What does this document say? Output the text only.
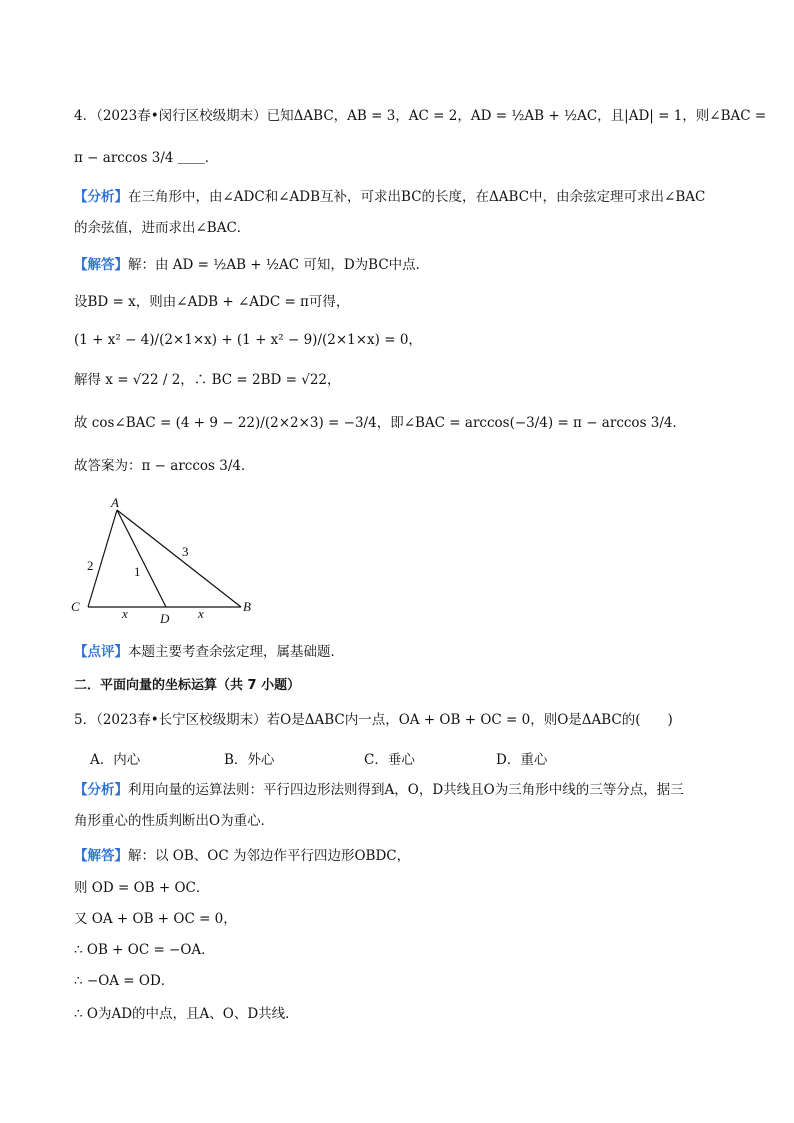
4．（2023春•闵行区校级期末）已知ΔABC，AB = 3，AC = 2，AD = ½AB + ½AC，且|AD| = 1，则∠BAC =
π − arccos 3/4 ＿＿．
【分析】在三角形中，由∠ADC和∠ADB互补，可求出BC的长度，在ΔABC中，由余弦定理可求出∠BAC
的余弦值，进而求出∠BAC．
【解答】解：由 AD = ½AB + ½AC 可知，D为BC中点．
设BD = x，则由∠ADB + ∠ADC = π可得，
(1 + x² − 4)/(2×1×x) + (1 + x² − 9)/(2×1×x) = 0，
解得 x = √22 / 2，∴ BC = 2BD = √22，
故 cos∠BAC = (4 + 9 − 22)/(2×2×3) = −3/4，即∠BAC = arccos(−3/4) = π − arccos 3/4．
故答案为：π − arccos 3/4．
A
C
D
B
x	x
2	1
3
【点评】本题主要考查余弦定理，属基础题．
二．平面向量的坐标运算（共 7 小题）
5．（2023春•长宁区校级期末）若O是ΔABC内一点，OA + OB + OC = 0，则O是ΔABC的(　　)
A．内心	B．外心	C．垂心	D．重心
【分析】利用向量的运算法则：平行四边形法则得到A，O，D共线且O为三角形中线的三等分点，据三
角形重心的性质判断出O为重心．
【解答】解：以 OB、OC 为邻边作平行四边形OBDC，
则 OD = OB + OC．
又 OA + OB + OC = 0，
∴ OB + OC = −OA．
∴ −OA = OD．
∴ O为AD的中点，且A、O、D共线．
